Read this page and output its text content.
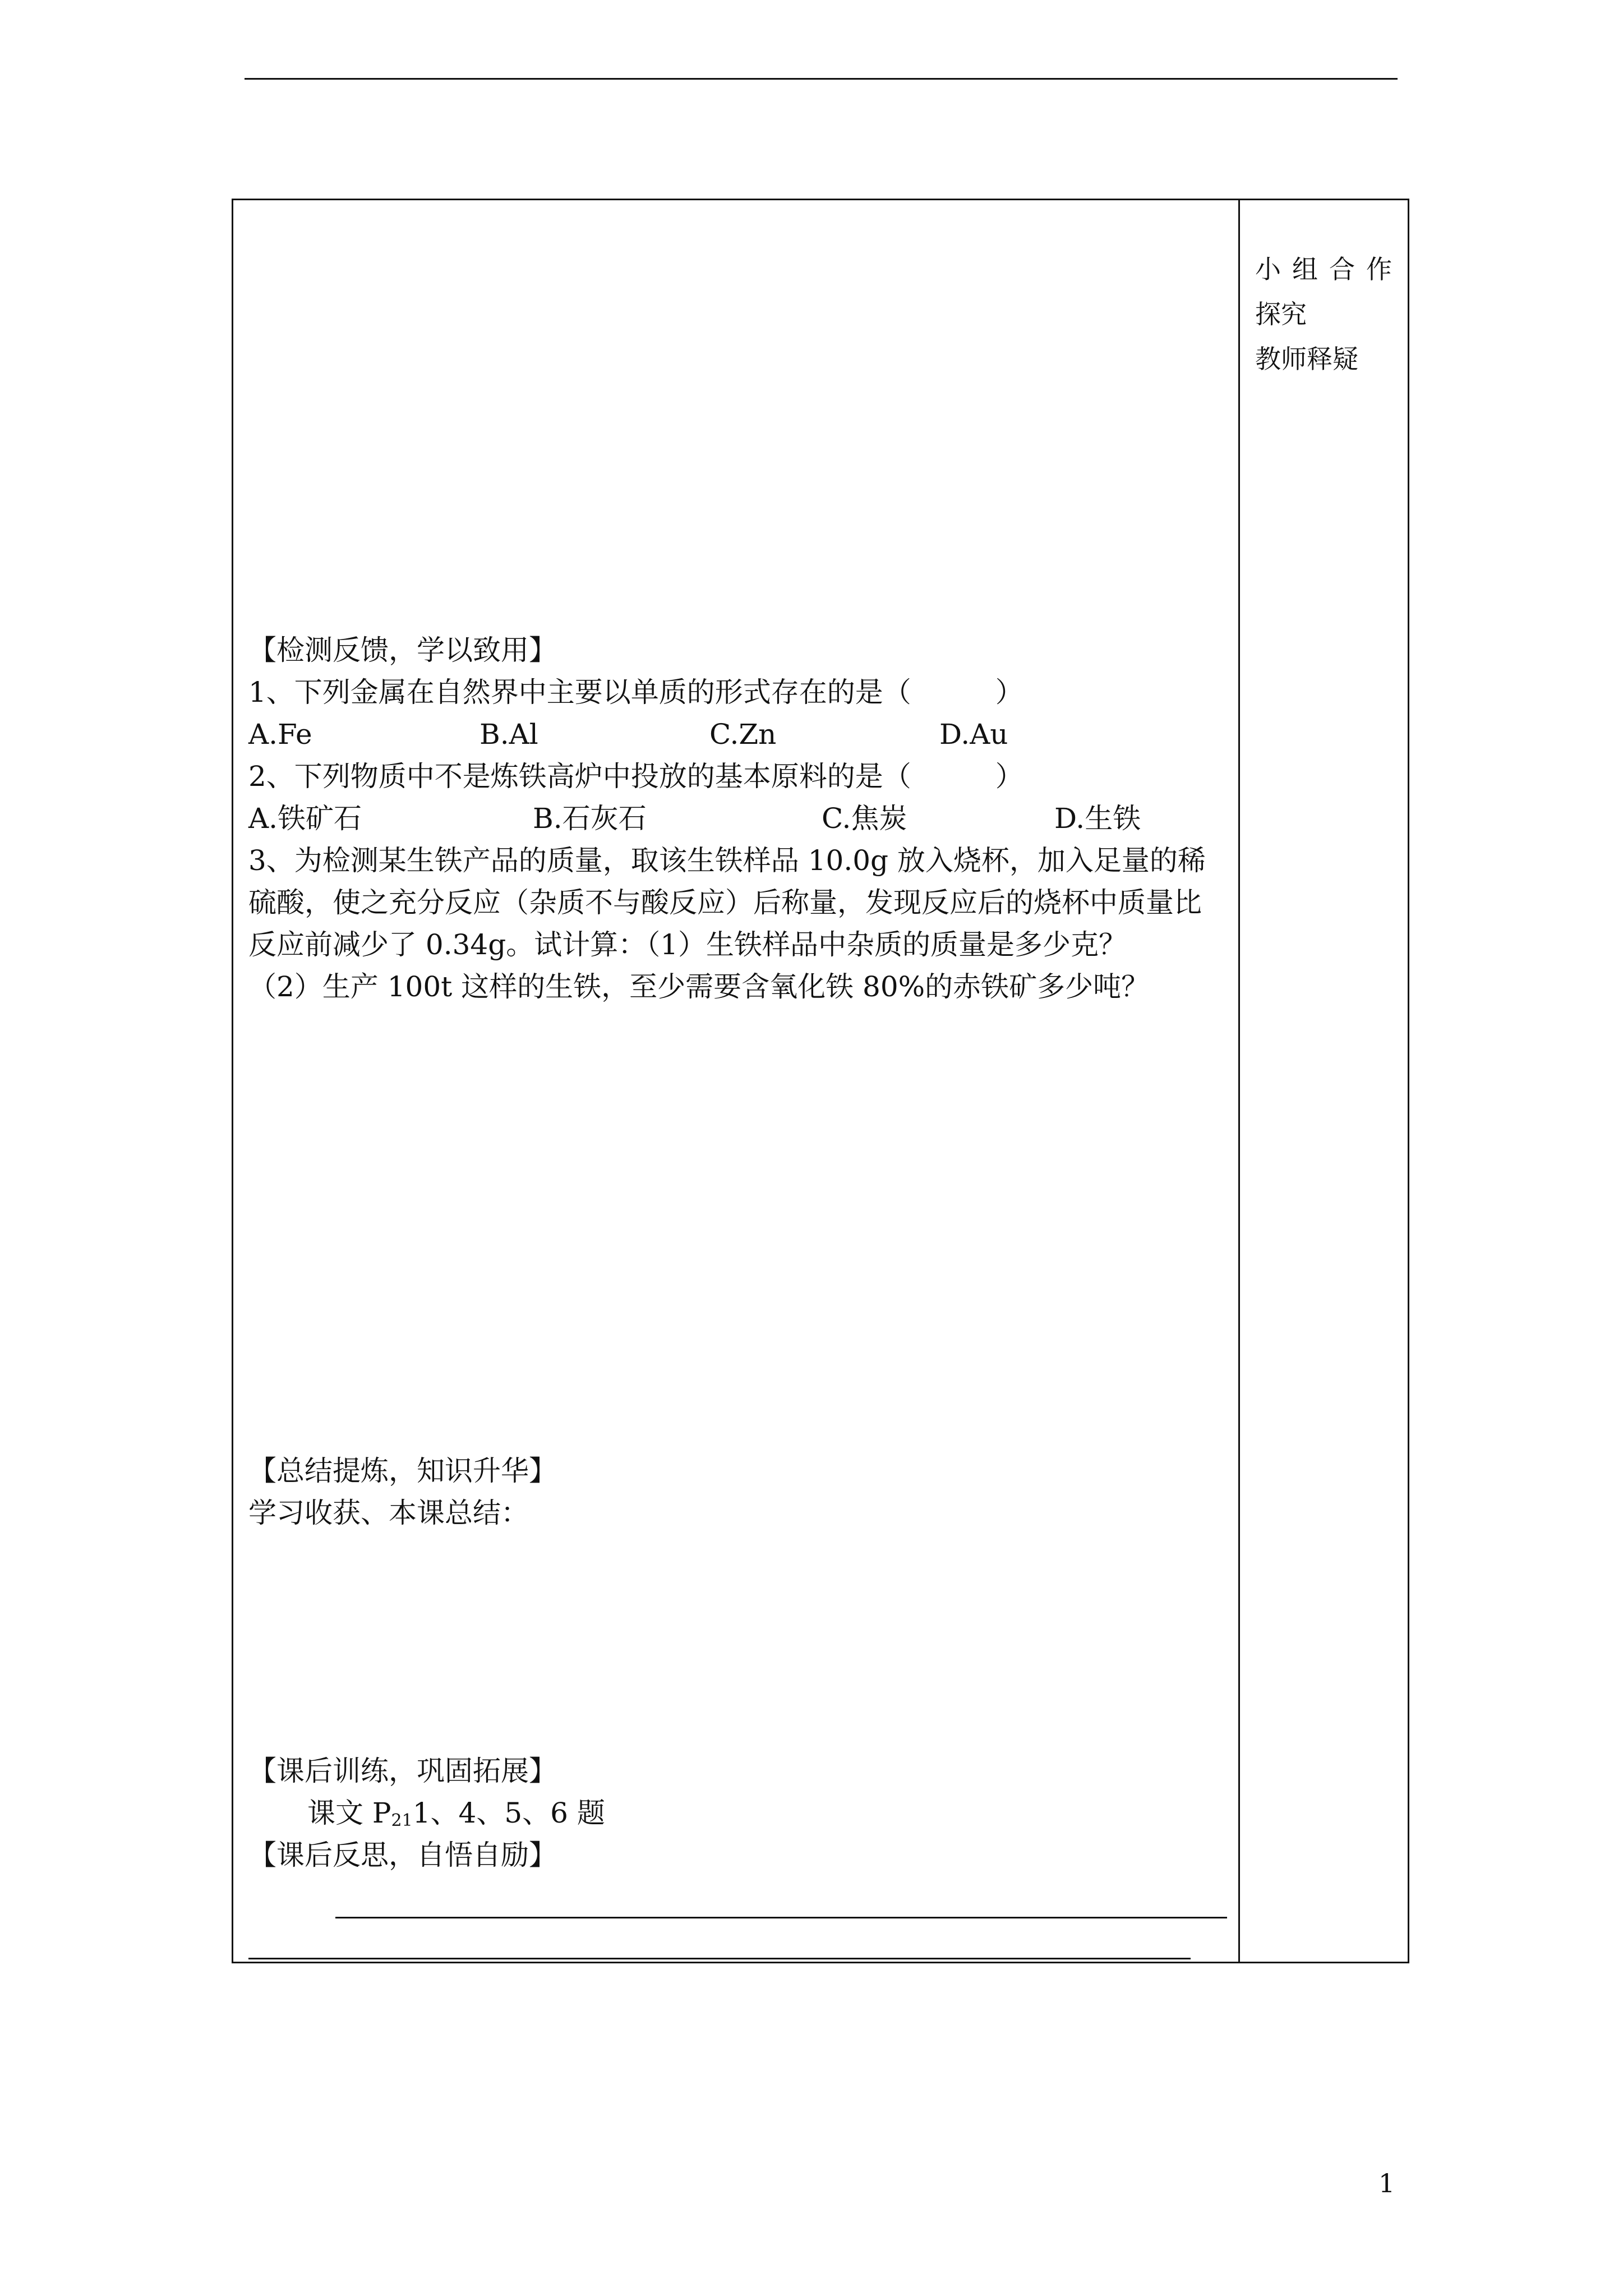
小组合作
探究
教师释疑
【检测反馈，学以致用】
1、下列金属在自然界中主要以单质的形式存在的是（　　　）
A.Fe	B.Al	C.Zn	D.Au
2、下列物质中不是炼铁高炉中投放的基本原料的是（　　　）
A.铁矿石	B.石灰石	C.焦炭	D.生铁
3、为检测某生铁产品的质量，取该生铁样品 10.0g 放入烧杯，加入足量的稀
硫酸，使之充分反应（杂质不与酸反应）后称量，发现反应后的烧杯中质量比
反应前减少了 0.34g。试计算：（1）生铁样品中杂质的质量是多少克？
（2）生产 100t 这样的生铁，至少需要含氧化铁 80%的赤铁矿多少吨？
【总结提炼，知识升华】
学习收获、本课总结：
【课后训练，巩固拓展】
课文 $P_{21}1$、4、5、6 题
【课后反思，自悟自励】
1
